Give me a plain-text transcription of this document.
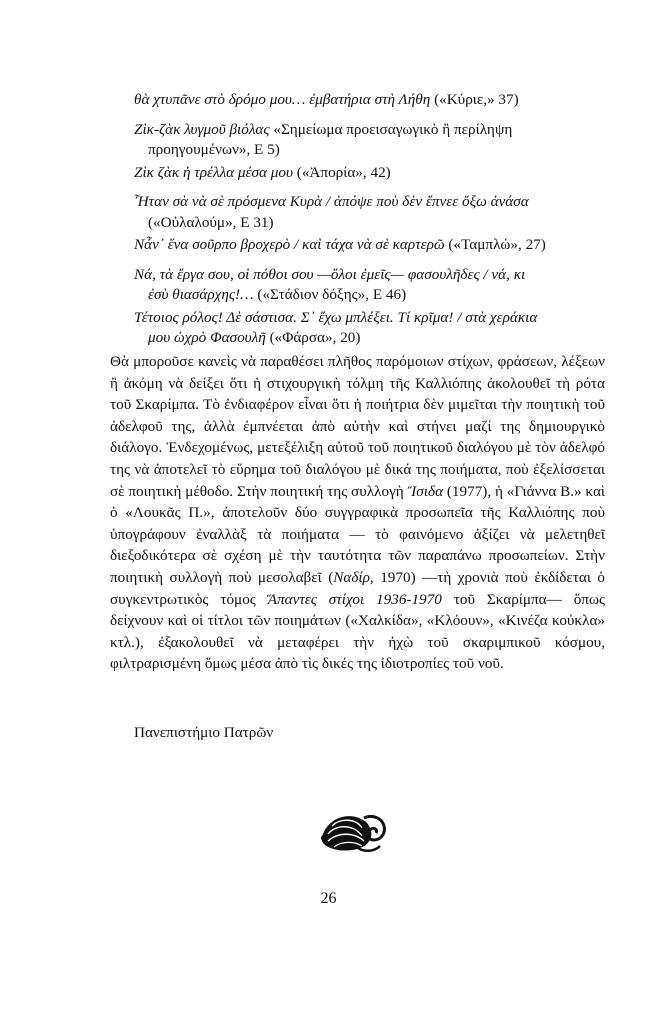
θὰ χτυπᾶνε στὸ δρόμο μου… ἐμβατήρια στὴ Λήθη («Κύριε,» 37)
Ζὶκ-ζὰκ λυγμοῦ βιόλας «Σημείωμα προεισαγωγικὸ ἢ περίληψη
προηγουμένων», Ε 5)
Ζὶκ ζὰκ ἡ τρέλλα μέσα μου («Ἀπορία», 42)
Ἦταν σὰ νὰ σὲ πρόσμενα Κυρὰ / ἀπόψε ποὺ δὲν ἔπνεε ὄξω ἀνάσα
(«Οὐλαλούμ», Ε 31)
Νἆν᾽ ἕνα σοῦρπο βροχερὸ / καὶ τάχα νὰ σὲ καρτερῶ («Ταμπλώ», 27)
Νά, τὰ ἔργα σου, οἱ πόθοι σου —ὅλοι ἐμεῖς— φασουλῆδες / νά, κι
ἐσὺ θιασάρχης!… («Στάδιον δόξης», Ε 46)
Τέτοιος ρόλος! Δὲ σάστισα. Σ᾽ ἔχω μπλέξει. Τί κρῖμα! / στὰ χεράκια
μου ὠχρὸ Φασουλῆ («Φάρσα», 20)

Θὰ μποροῦσε κανεὶς νὰ παραθέσει πλῆθος παρόμοιων στίχων, φράσεων, λέξεων ἢ ἀκόμη νὰ δείξει ὅτι ἡ στιχουργικὴ τόλμη τῆς Καλλιόπης ἀκολουθεῖ τὴ ρότα τοῦ Σκαρίμπα. Τὸ ἐνδιαφέρον εἶναι ὅτι ἡ ποιήτρια δὲν μιμεῖται τὴν ποιητικὴ τοῦ ἀδελφοῦ της, ἀλλὰ ἐμπνέεται ἀπὸ αὐτὴν καὶ στήνει μαζί της δημιουργικὸ διάλογο. Ἐνδεχομένως, μετεξέλιξη αὐτοῦ τοῦ ποιητικοῦ διαλόγου μὲ τὸν ἀδελφό της νὰ ἀποτελεῖ τὸ εὕρημα τοῦ διαλόγου μὲ δικά της ποιήματα, ποὺ ἐξελίσσεται σὲ ποιητικὴ μέθοδο. Στὴν ποιητική της συλλογὴ Ἴσιδα (1977), ἡ «Γιάννα Β.» καὶ ὁ «Λουκᾶς Π.», ἀποτελοῦν δύο συγγραφικὰ προσωπεῖα τῆς Καλλιόπης ποὺ ὑπογράφουν ἐναλλὰξ τὰ ποιήματα — τὸ φαινόμενο ἀξίζει νὰ μελετηθεῖ διεξοδικότερα σὲ σχέση μὲ τὴν ταυτότητα τῶν παραπάνω προσωπείων. Στὴν ποιητικὴ συλλογὴ ποὺ μεσολαβεῖ (Ναδίρ, 1970) —τὴ χρονιὰ ποὺ ἐκδίδεται ὁ συγκεντρωτικὸς τόμος Ἅπαντες στίχοι 1936-1970 τοῦ Σκαρίμπα— ὅπως δείχνουν καὶ οἱ τίτλοι τῶν ποιημάτων («Χαλκίδα», «Κλόουν», «Κινέζα κούκλα» κτλ.), ἐξακολουθεῖ νὰ μεταφέρει τὴν ἠχὼ τοῦ σκαριμπικοῦ κόσμου, φιλτραρισμένη ὅμως μέσα ἀπὸ τὶς δικές της ἰδιοτροπίες τοῦ νοῦ.

Πανεπιστήμιο Πατρῶν
26
